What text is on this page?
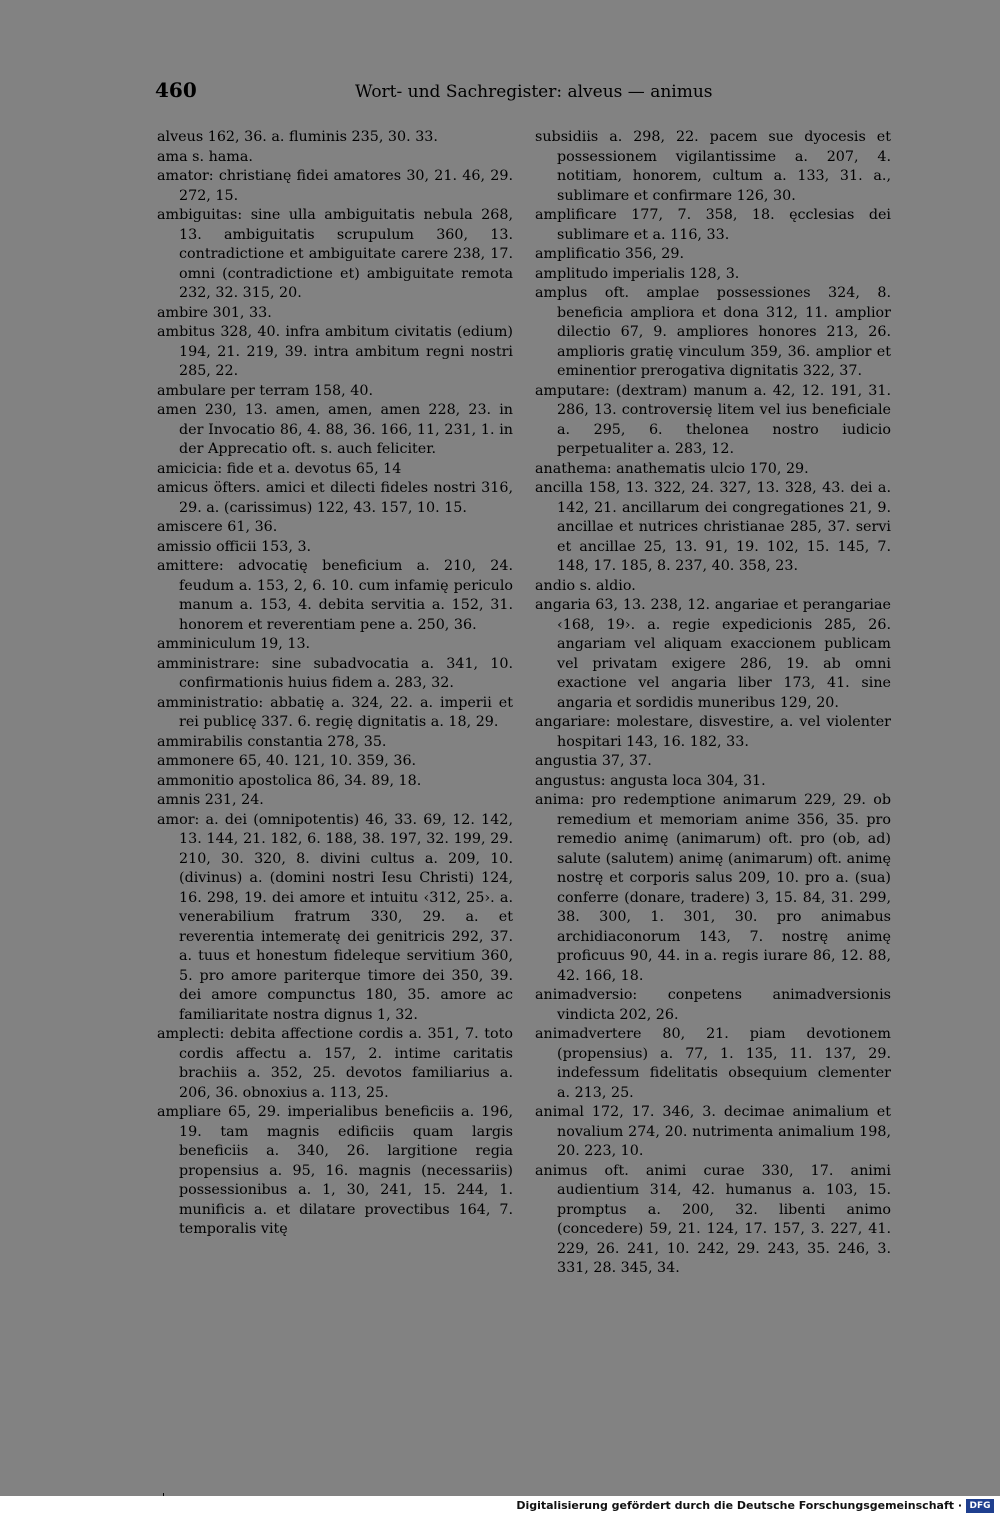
460	Wort- und Sachregister: alveus — animus

alveus 162, 36. a. fluminis 235, 30. 33.

ama s. hama.

amator: christianę fidei amatores 30, 21. 46, 29. 272, 15.

ambiguitas: sine ulla ambiguitatis nebula 268, 13. ambiguitatis scrupulum 360, 13. contradictione et ambiguitate carere 238, 17. omni (contradictione et) ambiguitate remota 232, 32. 315, 20.

ambire 301, 33.

ambitus 328, 40. infra ambitum civitatis (edium) 194, 21. 219, 39. intra ambitum regni nostri 285, 22.

ambulare per terram 158, 40.

amen 230, 13. amen, amen, amen 228, 23. in der Invocatio 86, 4. 88, 36. 166, 11, 231, 1. in der Apprecatio oft. s. auch feliciter.

amicicia: fide et a. devotus 65, 14

amicus öfters. amici et dilecti fideles nostri 316, 29. a. (carissimus) 122, 43. 157, 10. 15.

amiscere 61, 36.

amissio officii 153, 3.

amittere: advocatię beneficium a. 210, 24. feudum a. 153, 2, 6. 10. cum infamię periculo manum a. 153, 4. debita servitia a. 152, 31. honorem et reverentiam pene a. 250, 36.

amminiculum 19, 13.

amministrare: sine subadvocatia a. 341, 10. confirmationis huius fidem a. 283, 32.

amministratio: abbatię a. 324, 22. a. imperii et rei publicę 337. 6. regię dignitatis a. 18, 29.

ammirabilis constantia 278, 35.

ammonere 65, 40. 121, 10. 359, 36.

ammonitio apostolica 86, 34. 89, 18.

amnis 231, 24.

amor: a. dei (omnipotentis) 46, 33. 69, 12. 142, 13. 144, 21. 182, 6. 188, 38. 197, 32. 199, 29. 210, 30. 320, 8. divini cultus a. 209, 10. (divinus) a. (domini nostri Iesu Christi) 124, 16. 298, 19. dei amore et intuitu ‹312, 25›. a. venerabilium fratrum 330, 29. a. et reverentia intemeratę dei genitricis 292, 37. a. tuus et honestum fideleque servitium 360, 5. pro amore pariterque timore dei 350, 39. dei amore compunctus 180, 35. amore ac familiaritate nostra dignus 1, 32.

amplecti: debita affectione cordis a. 351, 7. toto cordis affectu a. 157, 2. intime caritatis brachiis a. 352, 25. devotos familiarius a. 206, 36. obnoxius a. 113, 25.

ampliare 65, 29. imperialibus beneficiis a. 196, 19. tam magnis edificiis quam largis beneficiis a. 340, 26. largitione regia propensius a. 95, 16. magnis (necessariis) possessionibus a. 1, 30, 241, 15. 244, 1. munificis a. et dilatare provectibus 164, 7. temporalis vitę

subsidiis a. 298, 22. pacem sue dyocesis et possessionem vigilantissime a. 207, 4. notitiam, honorem, cultum a. 133, 31. a., sublimare et confirmare 126, 30.

amplificare 177, 7. 358, 18. ęcclesias dei sublimare et a. 116, 33.

amplificatio 356, 29.

amplitudo imperialis 128, 3.

amplus oft. amplae possessiones 324, 8. beneficia ampliora et dona 312, 11. amplior dilectio 67, 9. ampliores honores 213, 26. amplioris gratię vinculum 359, 36. amplior et eminentior prerogativa dignitatis 322, 37.

amputare: (dextram) manum a. 42, 12. 191, 31. 286, 13. controversię litem vel ius beneficiale a. 295, 6. thelonea nostro iudicio perpetualiter a. 283, 12.

anathema: anathematis ulcio 170, 29.

ancilla 158, 13. 322, 24. 327, 13. 328, 43. dei a. 142, 21. ancillarum dei congregationes 21, 9. ancillae et nutrices christianae 285, 37. servi et ancillae 25, 13. 91, 19. 102, 15. 145, 7. 148, 17. 185, 8. 237, 40. 358, 23.

andio s. aldio.

angaria 63, 13. 238, 12. angariae et perangariae ‹168, 19›. a. regie expedicionis 285, 26. angariam vel aliquam exaccionem publicam vel privatam exigere 286, 19. ab omni exactione vel angaria liber 173, 41. sine angaria et sordidis muneribus 129, 20.

angariare: molestare, disvestire, a. vel violenter hospitari 143, 16. 182, 33.

angustia 37, 37.

angustus: angusta loca 304, 31.

anima: pro redemptione animarum 229, 29. ob remedium et memoriam anime 356, 35. pro remedio animę (animarum) oft. pro (ob, ad) salute (salutem) animę (animarum) oft. animę nostrę et corporis salus 209, 10. pro a. (sua) conferre (donare, tradere) 3, 15. 84, 31. 299, 38. 300, 1. 301, 30. pro animabus archidiaconorum 143, 7. nostrę animę proficuus 90, 44. in a. regis iurare 86, 12. 88, 42. 166, 18.

animadversio: conpetens animadversionis vindicta 202, 26.

animadvertere 80, 21. piam devotionem (propensius) a. 77, 1. 135, 11. 137, 29. indefessum fidelitatis obsequium clementer a. 213, 25.

animal 172, 17. 346, 3. decimae animalium et novalium 274, 20. nutrimenta animalium 198, 20. 223, 10.

animus oft. animi curae 330, 17. animi audientium 314, 42. humanus a. 103, 15. promptus a. 200, 32. libenti animo (concedere) 59, 21. 124, 17. 157, 3. 227, 41. 229, 26. 241, 10. 242, 29. 243, 35. 246, 3. 331, 28. 345, 34.

Digitalisierung gefördert durch die Deutsche Forschungsgemeinschaft · DFG
